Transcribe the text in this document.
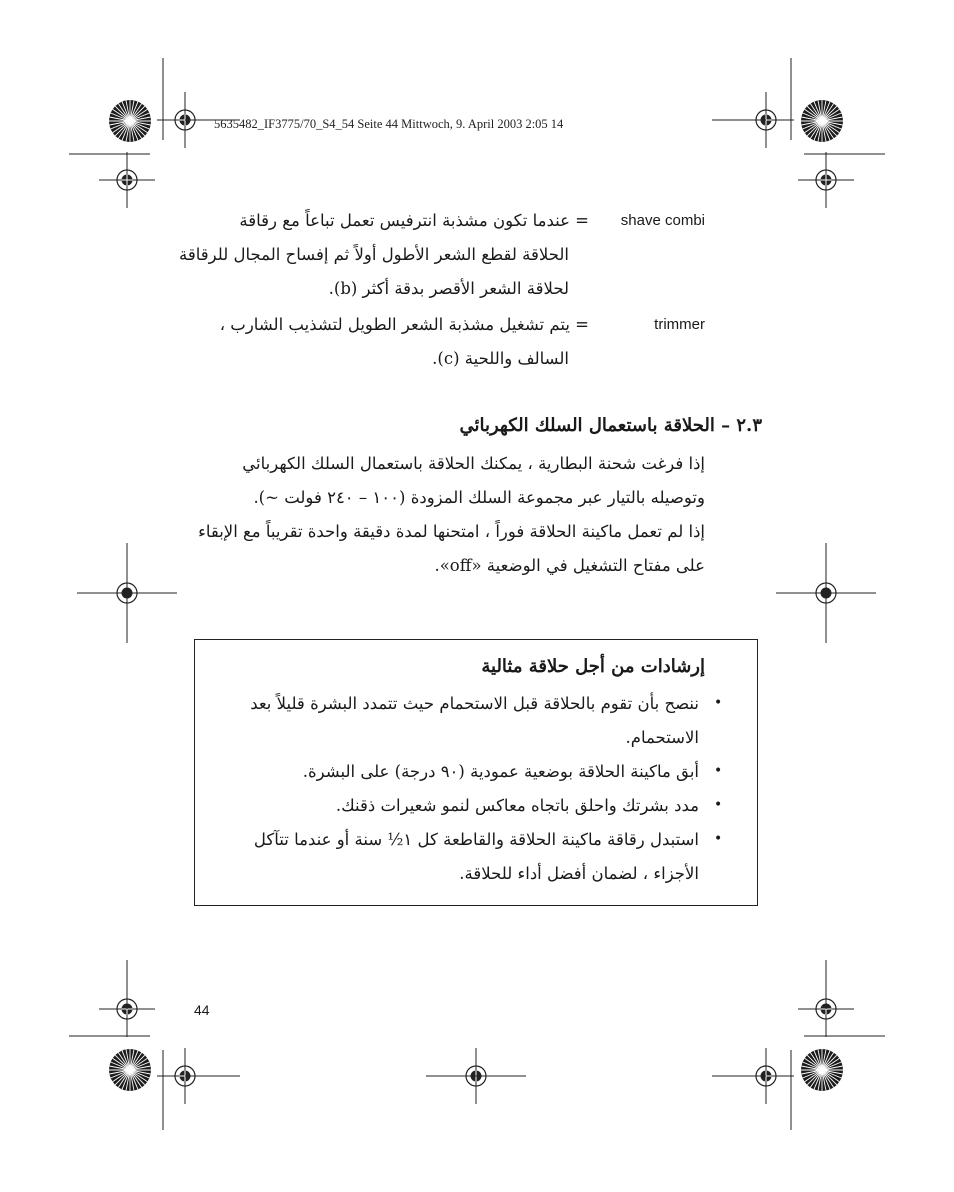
5635482_IF3775/70_S4_54 Seite 44 Mittwoch, 9. April 2003 2:05 14
shave combi
= عندما تكون مشذبة انترفيس تعمل تباعاً مع رقاقة
الحلاقة لقطع الشعر الأطول أولاً ثم إفساح المجال للرقاقة
لحلاقة الشعر الأقصر بدقة أكثر (b).
trimmer
= يتم تشغيل مشذبة الشعر الطويل لتشذيب الشارب ،
السالف واللحية (c).
٢.٣ – الحلاقة باستعمال السلك الكهربائي
إذا فرغت شحنة البطارية ، يمكنك الحلاقة باستعمال السلك الكهربائي
وتوصيله بالتيار عبر مجموعة السلك المزودة (١٠٠ – ٢٤٠ فولت ~).
إذا لم تعمل ماكينة الحلاقة فوراً ، امتحنها لمدة دقيقة واحدة تقريباً مع الإبقاء
على مفتاح التشغيل في الوضعية «off».
إرشادات من أجل حلاقة مثالية
•
ننصح بأن تقوم بالحلاقة قبل الاستحمام حيث تتمدد البشرة قليلاً بعد
الاستحمام.
•
أبق ماكينة الحلاقة بوضعية عمودية (٩٠ درجة) على البشرة.
•
مدد بشرتك واحلق باتجاه معاكس لنمو شعيرات ذقنك.
•
استبدل رقاقة ماكينة الحلاقة والقاطعة كل ١½ سنة أو عندما تتآكل
الأجزاء ، لضمان أفضل أداء للحلاقة.
44
